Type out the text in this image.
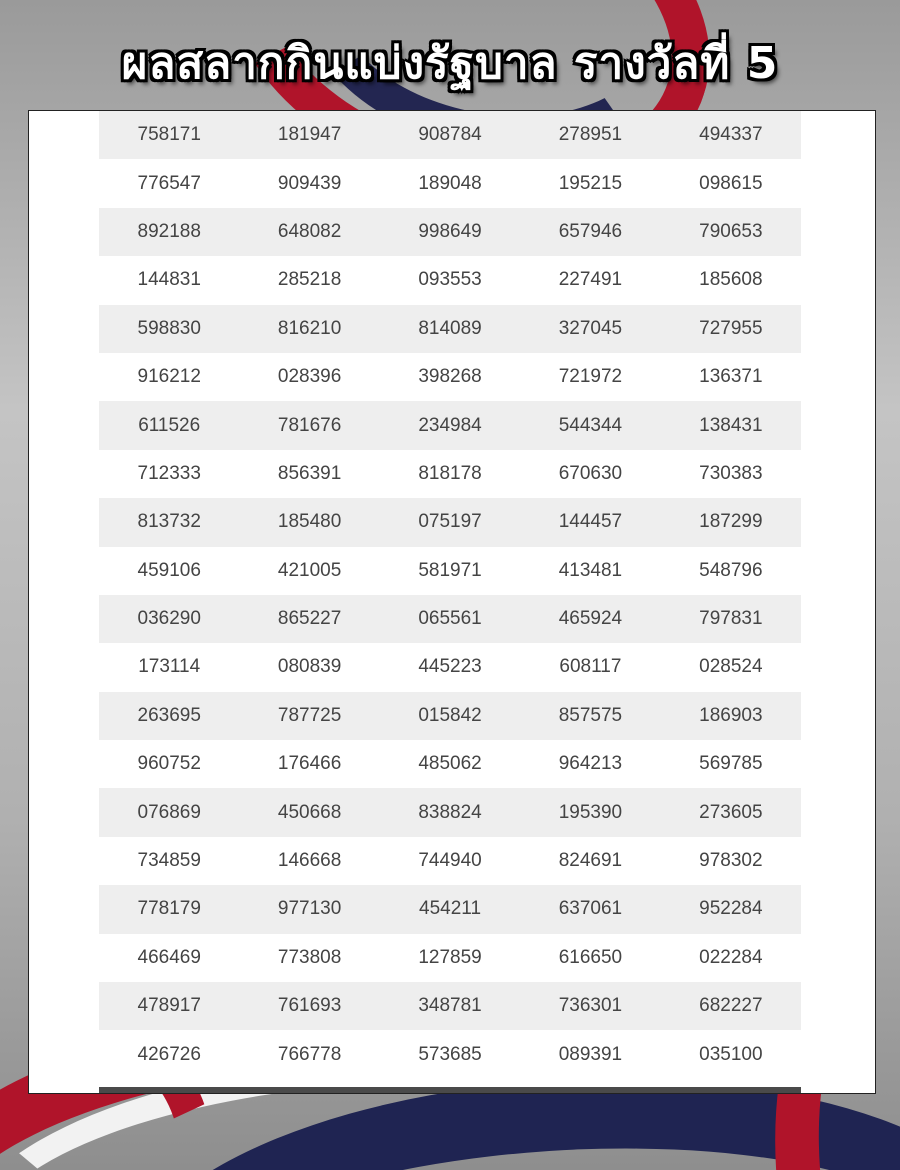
ผลสลากกินแบ่งรัฐบาล รางวัลที่ 5
758171	181947	908784	278951	494337
776547	909439	189048	195215	098615
892188	648082	998649	657946	790653
144831	285218	093553	227491	185608
598830	816210	814089	327045	727955
916212	028396	398268	721972	136371
611526	781676	234984	544344	138431
712333	856391	818178	670630	730383
813732	185480	075197	144457	187299
459106	421005	581971	413481	548796
036290	865227	065561	465924	797831
173114	080839	445223	608117	028524
263695	787725	015842	857575	186903
960752	176466	485062	964213	569785
076869	450668	838824	195390	273605
734859	146668	744940	824691	978302
778179	977130	454211	637061	952284
466469	773808	127859	616650	022284
478917	761693	348781	736301	682227
426726	766778	573685	089391	035100
